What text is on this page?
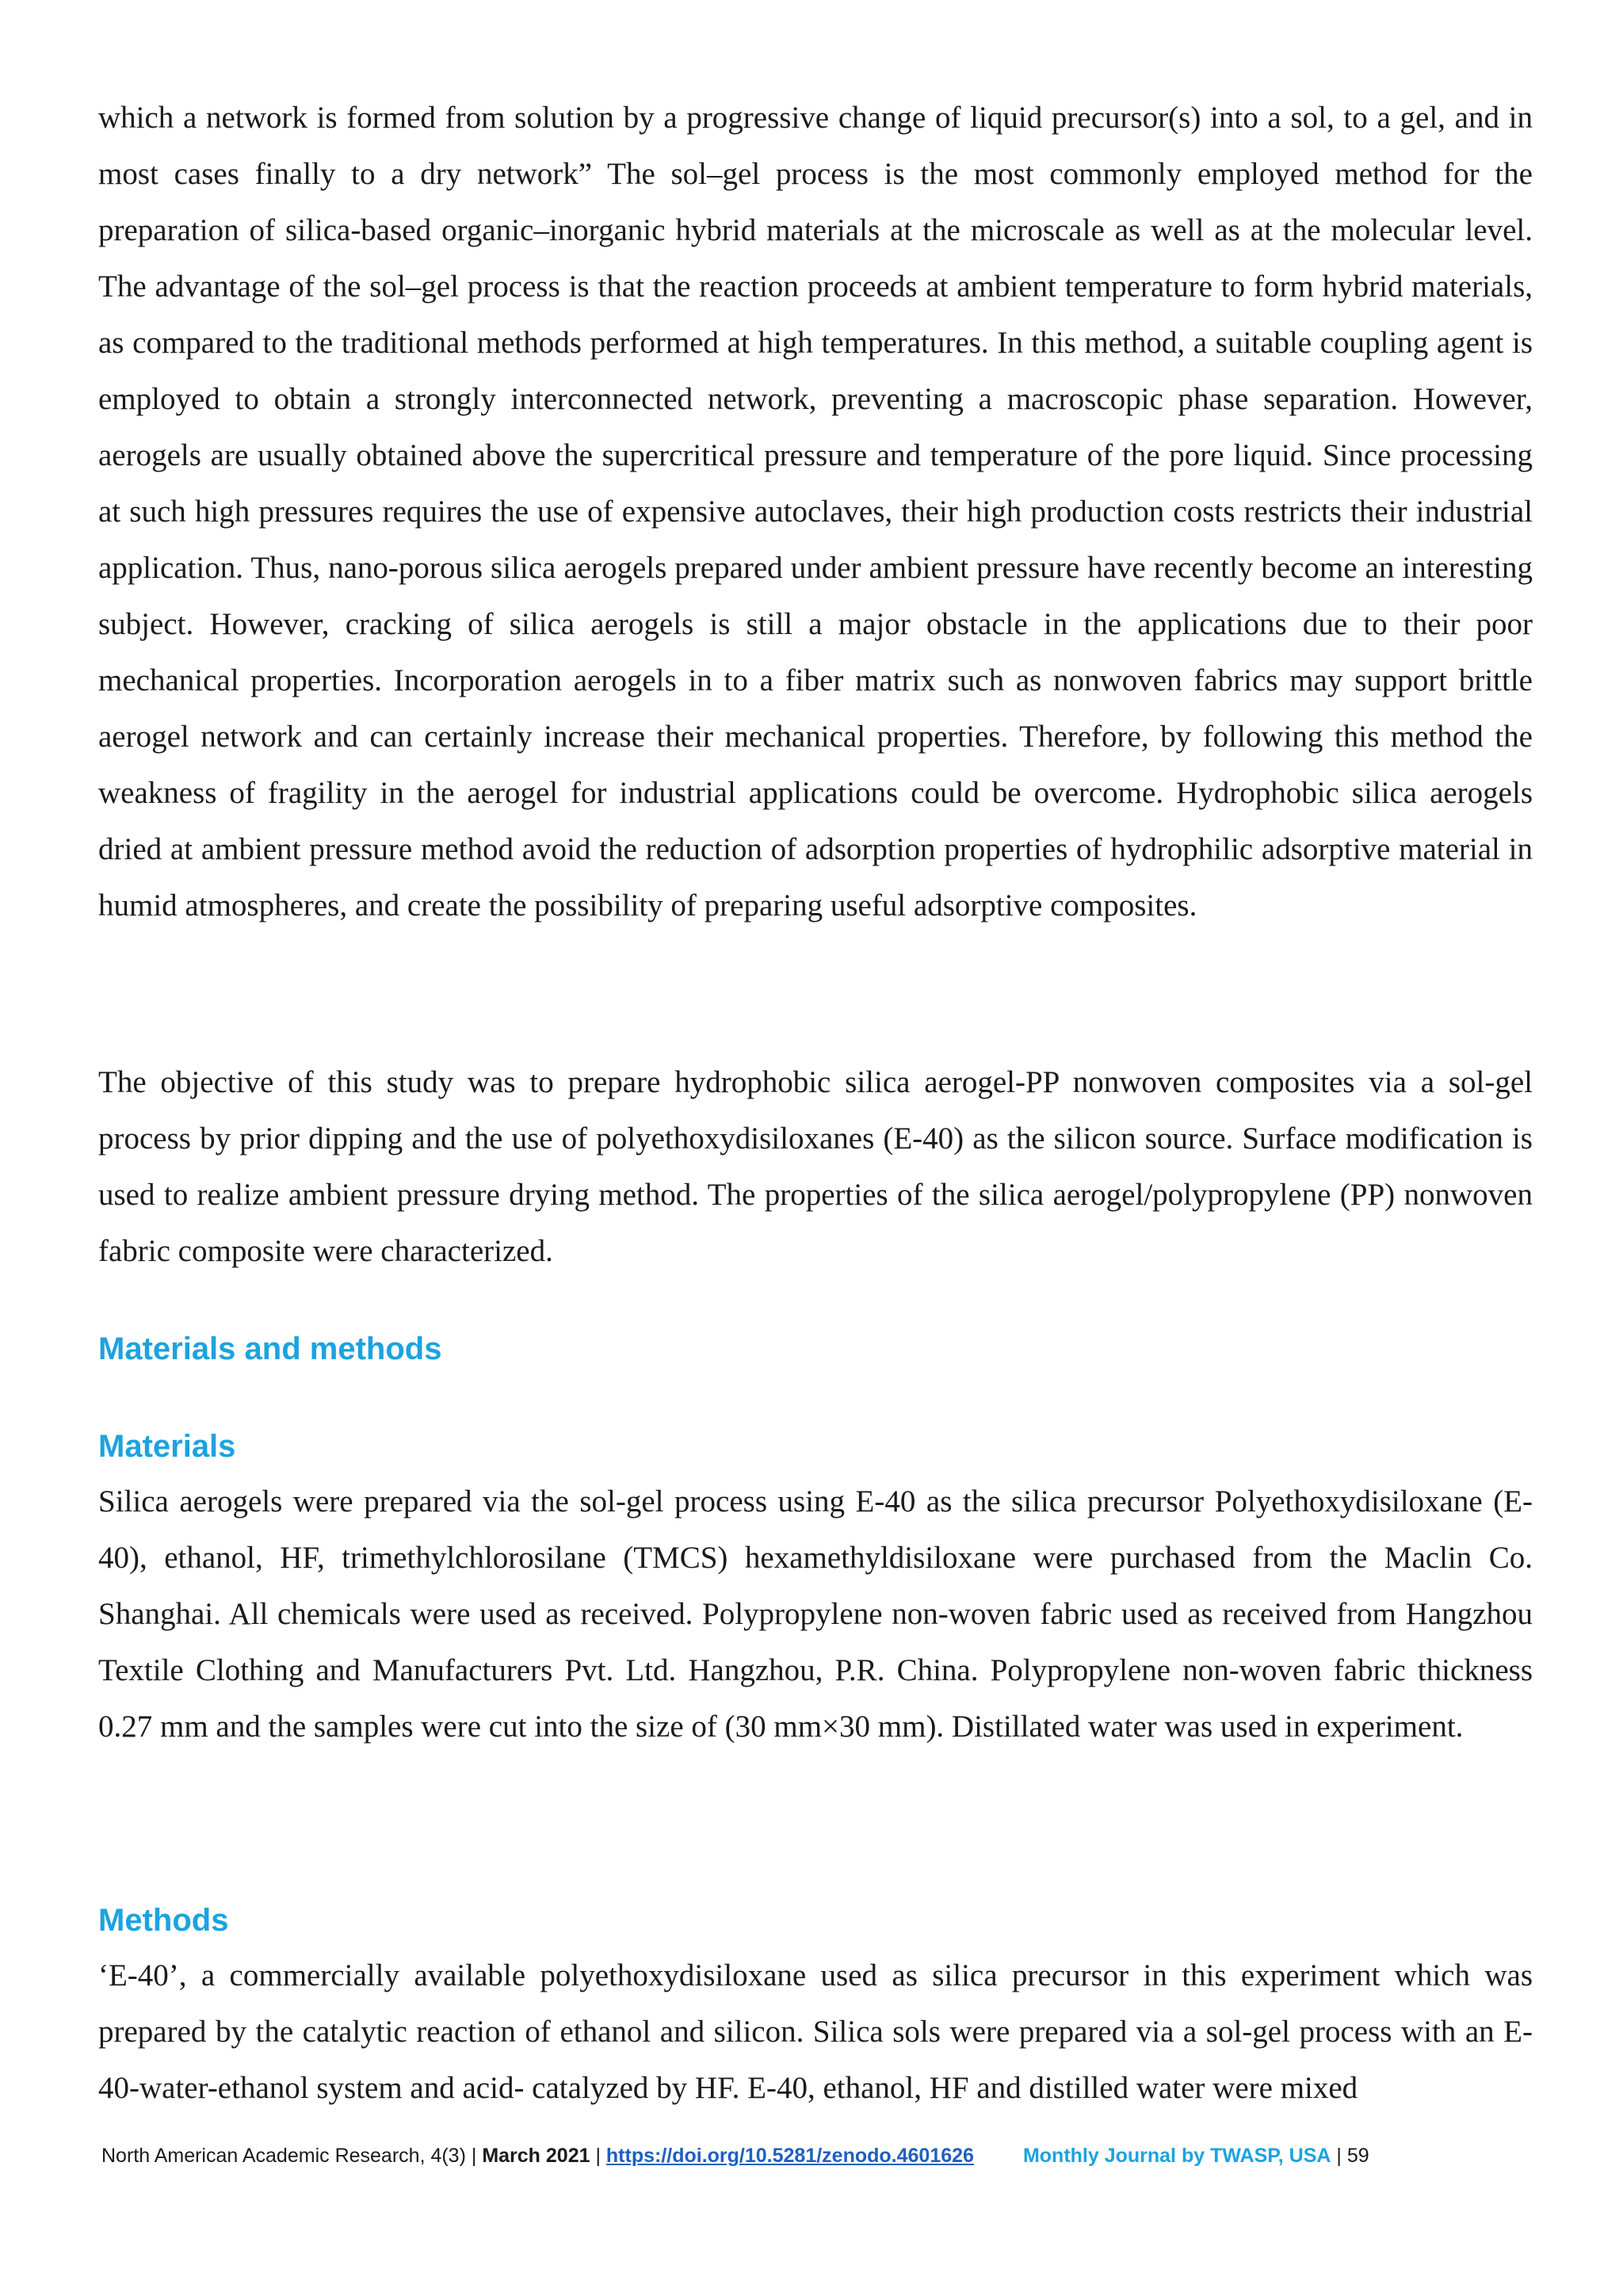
which a network is formed from solution by a progressive change of liquid precursor(s) into a sol, to a gel, and in most cases finally to a dry network” The sol–gel process is the most commonly employed method for the preparation of silica-based organic–inorganic hybrid materials at the microscale as well as at the molecular level. The advantage of the sol–gel process is that the reaction proceeds at ambient temperature to form hybrid materials, as compared to the traditional methods performed at high temperatures. In this method, a suitable coupling agent is employed to obtain a strongly interconnected network, preventing a macroscopic phase separation. However, aerogels are usually obtained above the supercritical pressure and temperature of the pore liquid. Since processing at such high pressures requires the use of expensive autoclaves, their high production costs restricts their industrial application. Thus, nano-porous silica aerogels prepared under ambient pressure have recently become an interesting subject. However, cracking of silica aerogels is still a major obstacle in the applications due to their poor mechanical properties. Incorporation aerogels in to a fiber matrix such as nonwoven fabrics may support brittle aerogel network and can certainly increase their mechanical properties. Therefore, by following this method the weakness of fragility in the aerogel for industrial applications could be overcome. Hydrophobic silica aerogels dried at ambient pressure method avoid the reduction of adsorption properties of hydrophilic adsorptive material in humid atmospheres, and create the possibility of preparing useful adsorptive composites.

The objective of this study was to prepare hydrophobic silica aerogel-PP nonwoven composites via a sol-gel process by prior dipping and the use of polyethoxydisiloxanes (E-40) as the silicon source. Surface modification is used to realize ambient pressure drying method. The properties of the silica aerogel/polypropylene (PP) nonwoven fabric composite were characterized.

Materials and methods
Materials

Silica aerogels were prepared via the sol-gel process using E-40 as the silica precursor Polyethoxydisiloxane (E-40), ethanol, HF, trimethylchlorosilane (TMCS) hexamethyldisiloxane were purchased from the Maclin Co. Shanghai. All chemicals were used as received. Polypropylene non-woven fabric used as received from Hangzhou Textile Clothing and Manufacturers Pvt. Ltd. Hangzhou, P.R. China. Polypropylene non-woven fabric thickness 0.27 mm and the samples were cut into the size of (30 mm×30 mm). Distillated water was used in experiment.

Methods

‘E-40’, a commercially available polyethoxydisiloxane used as silica precursor in this experiment which was prepared by the catalytic reaction of ethanol and silicon. Silica sols were prepared via a sol-gel process with an E-40-water-ethanol system and acid- catalyzed by HF. E-40, ethanol, HF and distilled water were mixed

North American Academic Research, 4(3) | March 2021 | https://doi.org/10.5281/zenodo.4601626 Monthly Journal by TWASP, USA | 59
